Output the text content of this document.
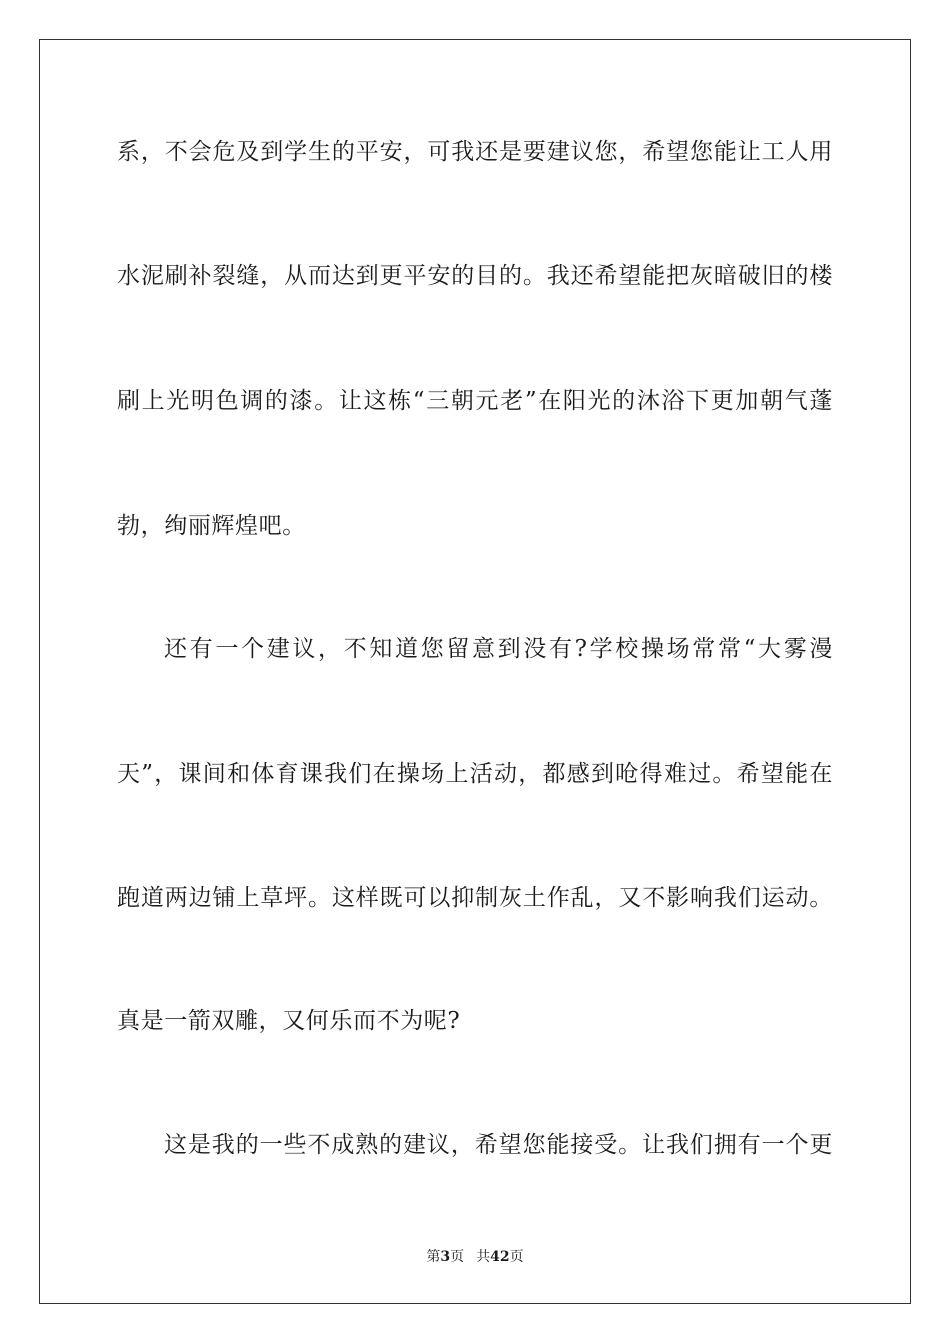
系，不会危及到学生的平安，可我还是要建议您，希望您能让工人用
水泥刷补裂缝，从而达到更平安的目的。我还希望能把灰暗破旧的楼
刷上光明色调的漆。让这栋“三朝元老”在阳光的沐浴下更加朝气蓬
勃，绚丽辉煌吧。
还有一个建议，不知道您留意到没有?学校操场常常“大雾漫
天”，课间和体育课我们在操场上活动，都感到呛得难过。希望能在
跑道两边铺上草坪。这样既可以抑制灰土作乱，又不影响我们运动。
真是一箭双雕，又何乐而不为呢?
这是我的一些不成熟的建议，希望您能接受。让我们拥有一个更
第3页 共42页
